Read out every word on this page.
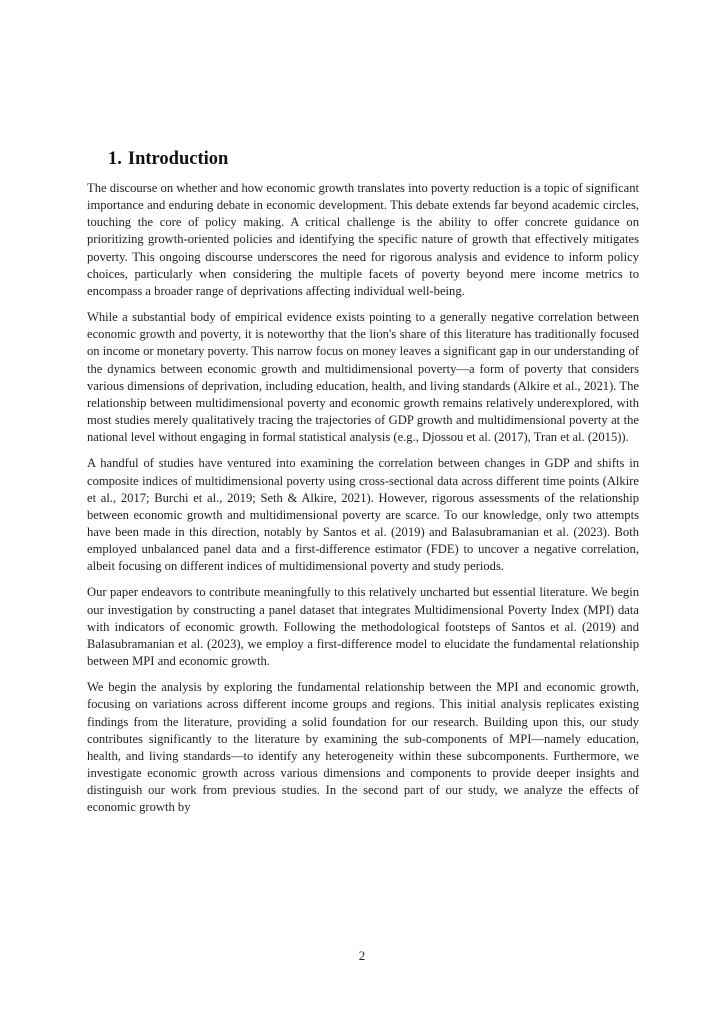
1. Introduction

The discourse on whether and how economic growth translates into poverty reduction is a topic of significant importance and enduring debate in economic development. This debate extends far beyond academic circles, touching the core of policy making. A critical challenge is the ability to offer concrete guidance on prioritizing growth-oriented policies and identifying the specific nature of growth that effectively mitigates poverty. This ongoing discourse underscores the need for rigorous analysis and evidence to inform policy choices, particularly when considering the multiple facets of poverty beyond mere income metrics to encompass a broader range of deprivations affecting individual well-being.

While a substantial body of empirical evidence exists pointing to a generally negative correlation between economic growth and poverty, it is noteworthy that the lion's share of this literature has traditionally focused on income or monetary poverty. This narrow focus on money leaves a significant gap in our understanding of the dynamics between economic growth and multidimensional poverty—a form of poverty that considers various dimensions of deprivation, including education, health, and living standards (Alkire et al., 2021). The relationship between multidimensional poverty and economic growth remains relatively underexplored, with most studies merely qualitatively tracing the trajectories of GDP growth and multidimensional poverty at the national level without engaging in formal statistical analysis (e.g., Djossou et al. (2017), Tran et al. (2015)).

A handful of studies have ventured into examining the correlation between changes in GDP and shifts in composite indices of multidimensional poverty using cross-sectional data across different time points (Alkire et al., 2017; Burchi et al., 2019; Seth & Alkire, 2021). However, rigorous assessments of the relationship between economic growth and multidimensional poverty are scarce. To our knowledge, only two attempts have been made in this direction, notably by Santos et al. (2019) and Balasubramanian et al. (2023). Both employed unbalanced panel data and a first-difference estimator (FDE) to uncover a negative correlation, albeit focusing on different indices of multidimensional poverty and study periods.

Our paper endeavors to contribute meaningfully to this relatively uncharted but essential literature. We begin our investigation by constructing a panel dataset that integrates Multidimensional Poverty Index (MPI) data with indicators of economic growth. Following the methodological footsteps of Santos et al. (2019) and Balasubramanian et al. (2023), we employ a first-difference model to elucidate the fundamental relationship between MPI and economic growth.

We begin the analysis by exploring the fundamental relationship between the MPI and economic growth, focusing on variations across different income groups and regions. This initial analysis replicates existing findings from the literature, providing a solid foundation for our research. Building upon this, our study contributes significantly to the literature by examining the sub-components of MPI—namely education, health, and living standards—to identify any heterogeneity within these subcomponents. Furthermore, we investigate economic growth across various dimensions and components to provide deeper insights and distinguish our work from previous studies. In the second part of our study, we analyze the effects of economic growth by

2
